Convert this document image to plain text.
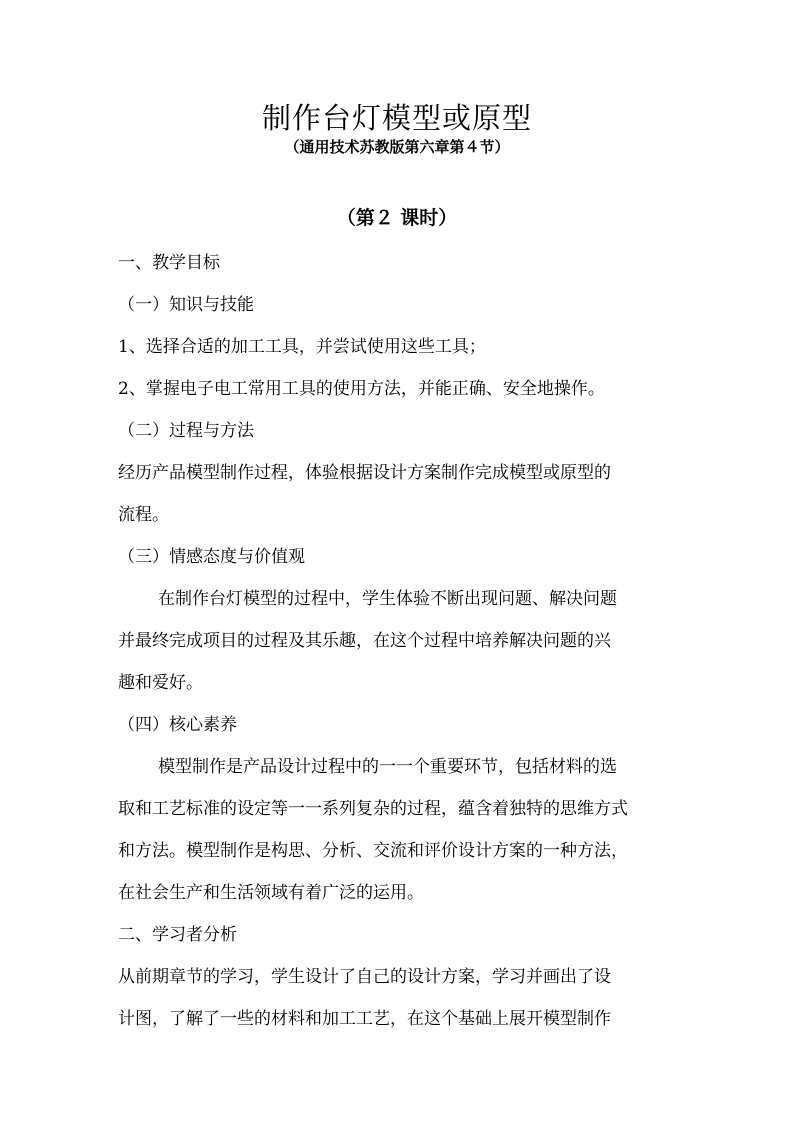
制作台灯模型或原型
（通用技术苏教版第六章第４节）
（第２ 课时）
一、教学目标
（一）知识与技能
1、选择合适的加工工具，并尝试使用这些工具；
2、掌握电子电工常用工具的使用方法，并能正确、安全地操作。
（二）过程与方法
经历产品模型制作过程，体验根据设计方案制作完成模型或原型的
流程。
（三）情感态度与价值观
在制作台灯模型的过程中，学生体验不断出现问题、解决问题
并最终完成项目的过程及其乐趣，在这个过程中培养解决问题的兴
趣和爱好。
（四）核心素养
模型制作是产品设计过程中的一一个重要环节，包括材料的选
取和工艺标准的设定等一一系列复杂的过程，蕴含着独特的思维方式
和方法。模型制作是构思、分析、交流和评价设计方案的一种方法，
在社会生产和生活领域有着广泛的运用。
二、学习者分析
从前期章节的学习，学生设计了自己的设计方案，学习并画出了设
计图，了解了一些的材料和加工工艺，在这个基础上展开模型制作
